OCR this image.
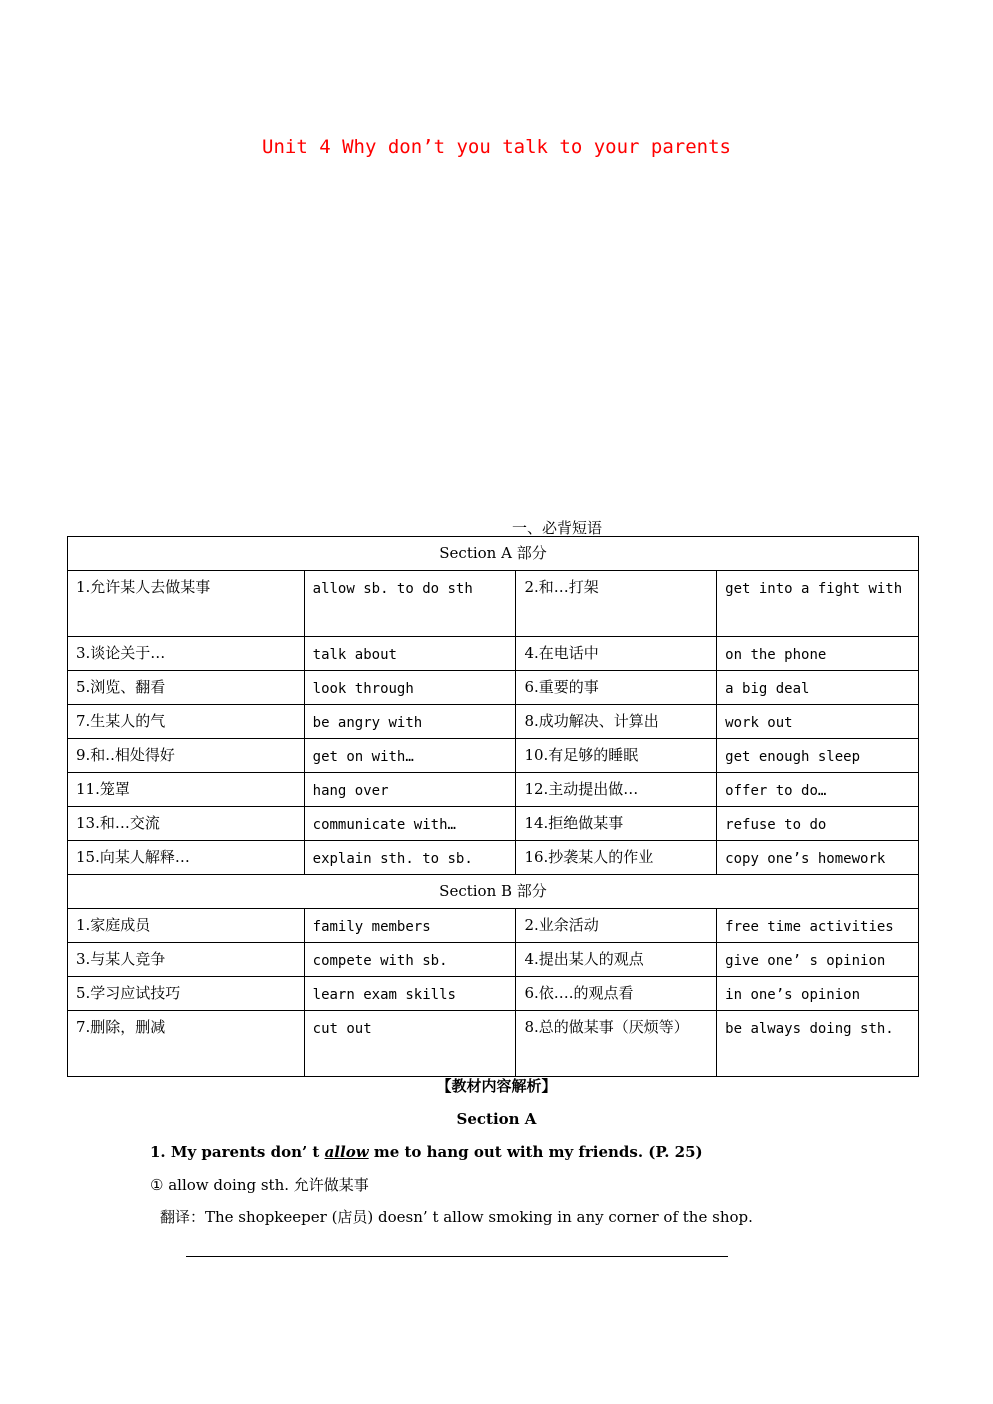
Unit 4 Why don’t you talk to your parents
一、必背短语
Section A 部分			
1.允许某人去做某事	allow sb. to do sth	2.和…打架	get into a fight with
3.谈论关于…	talk about	4.在电话中	on the phone
5.浏览、翻看	look through	6.重要的事	a big deal
7.生某人的气	be angry with	8.成功解决、计算出	work out
9.和..相处得好	get on with…	10.有足够的睡眠	get enough sleep
11.笼罩	hang over	12.主动提出做…	offer to do…
13.和…交流	communicate with…	14.拒绝做某事	refuse to do
15.向某人解释…	explain sth. to sb.	16.抄袭某人的作业	copy one’s homework
Section B 部分			
1.家庭成员	family members	2.业余活动	free time activities
3.与某人竞争	compete with sb.	4.提出某人的观点	give one’ s opinion
5.学习应试技巧	learn exam skills	6.依….的观点看	in one’s opinion
7.删除，删减	cut out	8.总的做某事（厌烦等）	be always doing sth.
【教材内容解析】
Section A
1. My parents don’ t allow me to hang out with my friends. (P. 25)
① allow doing sth. 允许做某事
翻译：The shopkeeper (店员) doesn’ t allow smoking in any corner of the shop.
